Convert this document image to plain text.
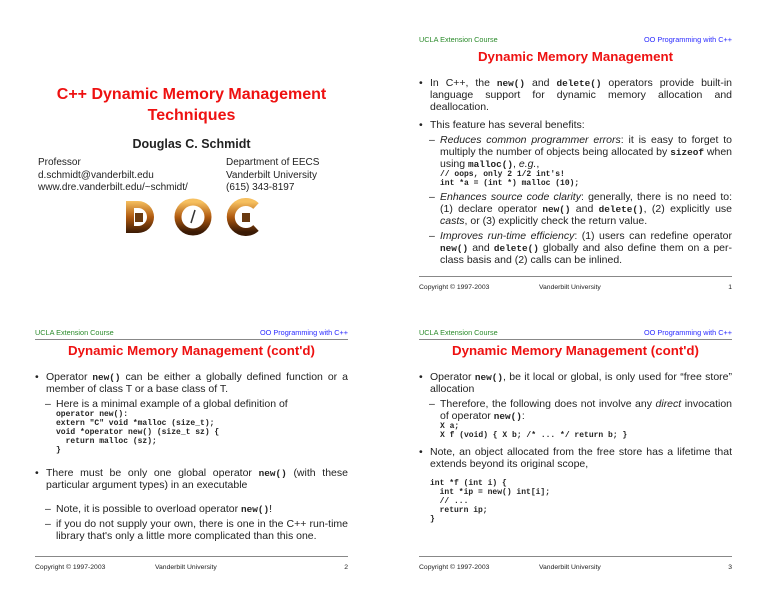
C++ Dynamic Memory Management
Techniques
Douglas C. Schmidt
Professor
d.schmidt@vanderbilt.edu
www.dre.vanderbilt.edu/~schmidt/
Department of EECS
Vanderbilt University
(615) 343-8197
UCLA Extension Course	OO Programming with C++
Dynamic Memory Management
• In C++, the new() and delete() operators provide built-in language support for dynamic memory allocation and deallocation.
• This feature has several benefits:
– Reduces common programmer errors: it is easy to forget to multiply the number of objects being allocated by sizeof when using malloc(), e.g.,
// oops, only 2 1/2 int's!
int *a = (int *) malloc (10);
– Enhances source code clarity: generally, there is no need to: (1) declare operator new() and delete(), (2) explicitly use casts, or (3) explicitly check the return value.
– Improves run-time efficiency: (1) users can redefine operator new() and delete() globally and also define them on a per-class basis and (2) calls can be inlined.
Copyright © 1997-2003	Vanderbilt University	1
UCLA Extension Course	OO Programming with C++
Dynamic Memory Management (cont'd)
• Operator new() can be either a globally defined function or a member of class T or a base class of T.
– Here is a minimal example of a global definition of
operator new():
extern "C" void *malloc (size_t);
void *operator new() (size_t sz) {
return malloc (sz);
}
• There must be only one global operator new() (with these particular argument types) in an executable
– Note, it is possible to overload operator new()!
– if you do not supply your own, there is one in the C++ run-time library that's only a little more complicated than this one.
Copyright © 1997-2003	Vanderbilt University	2
UCLA Extension Course	OO Programming with C++
Dynamic Memory Management (cont'd)
• Operator new(), be it local or global, is only used for “free store” allocation
– Therefore, the following does not involve any direct invocation of operator new():
X a;
X f (void) { X b; /* ... */ return b; }
• Note, an object allocated from the free store has a lifetime that extends beyond its original scope,
int *f (int i) {
int *ip = new() int[i];
// ...
return ip;
}
Copyright © 1997-2003	Vanderbilt University	3
